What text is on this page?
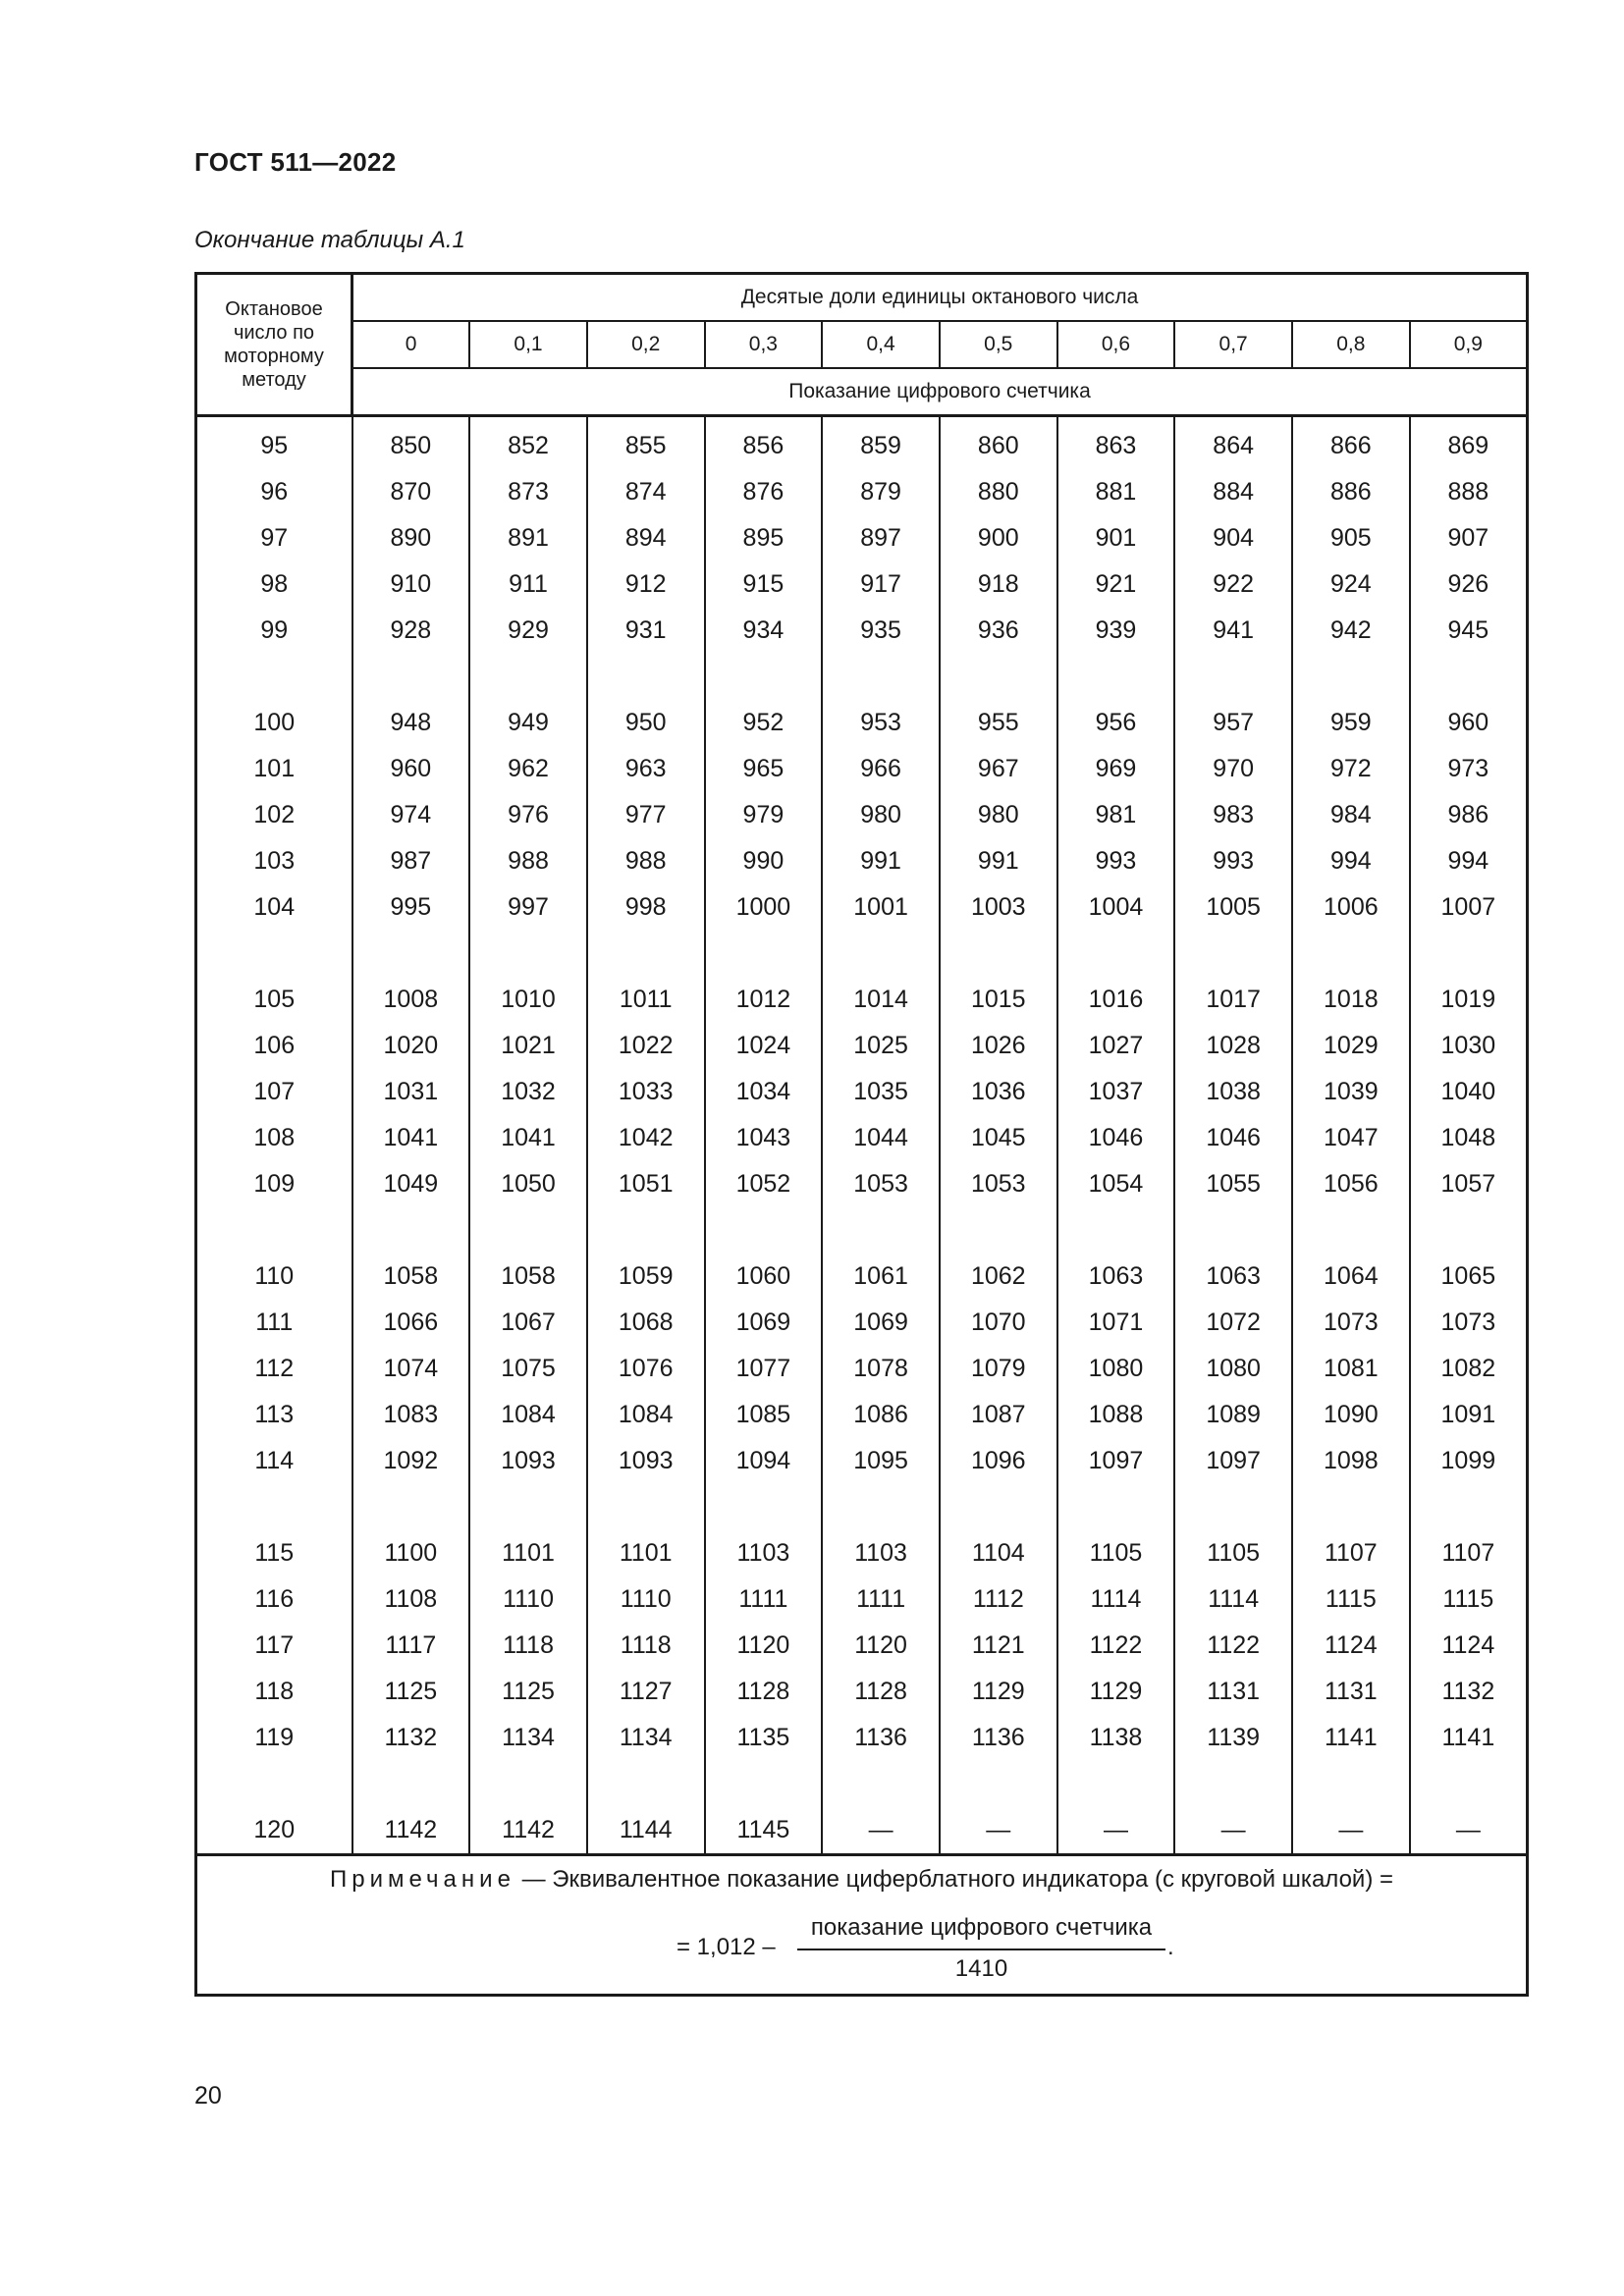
ГОСТ 511—2022
Окончание таблицы А.1
Октановое число по моторному методу	Десятые доли единицы октанового числа									
	0	0,1	0,2	0,3	0,4	0,5	0,6	0,7	0,8	0,9
	Показание цифрового счетчика									
95	850	852	855	856	859	860	863	864	866	869
96	870	873	874	876	879	880	881	884	886	888
97	890	891	894	895	897	900	901	904	905	907
98	910	911	912	915	917	918	921	922	924	926
99	928	929	931	934	935	936	939	941	942	945

100	948	949	950	952	953	955	956	957	959	960
101	960	962	963	965	966	967	969	970	972	973
102	974	976	977	979	980	980	981	983	984	986
103	987	988	988	990	991	991	993	993	994	994
104	995	997	998	1000	1001	1003	1004	1005	1006	1007

105	1008	1010	1011	1012	1014	1015	1016	1017	1018	1019
106	1020	1021	1022	1024	1025	1026	1027	1028	1029	1030
107	1031	1032	1033	1034	1035	1036	1037	1038	1039	1040
108	1041	1041	1042	1043	1044	1045	1046	1046	1047	1048
109	1049	1050	1051	1052	1053	1053	1054	1055	1056	1057

110	1058	1058	1059	1060	1061	1062	1063	1063	1064	1065
111	1066	1067	1068	1069	1069	1070	1071	1072	1073	1073
112	1074	1075	1076	1077	1078	1079	1080	1080	1081	1082
113	1083	1084	1084	1085	1086	1087	1088	1089	1090	1091
114	1092	1093	1093	1094	1095	1096	1097	1097	1098	1099

115	1100	1101	1101	1103	1103	1104	1105	1105	1107	1107
116	1108	1110	1110	1111	1111	1112	1114	1114	1115	1115
117	1117	1118	1118	1120	1120	1121	1122	1122	1124	1124
118	1125	1125	1127	1128	1128	1129	1129	1131	1131	1132
119	1132	1134	1134	1135	1136	1136	1138	1139	1141	1141

120	1142	1142	1144	1145	—	—	—	—	—	—

Примечание — Эквивалентное показание циферблатного индикатора (с круговой шкалой) =
= 1,012 –
показание цифрового счетчика
1410
.										
20
